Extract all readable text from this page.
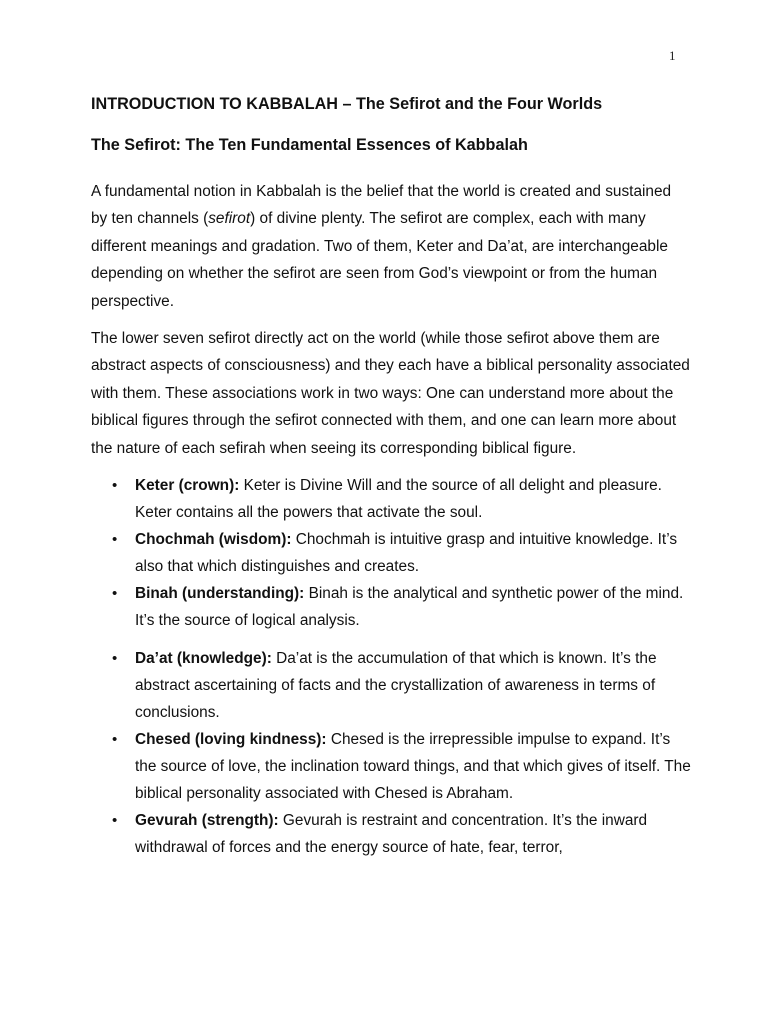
1

INTRODUCTION TO KABBALAH – The Sefirot and the Four Worlds

The Sefirot: The Ten Fundamental Essences of Kabbalah

A fundamental notion in Kabbalah is the belief that the world is created and sustained by ten channels (sefirot) of divine plenty. The sefirot are complex, each with many different meanings and gradation. Two of them, Keter and Da’at, are interchangeable depending on whether the sefirot are seen from God’s viewpoint or from the human perspective.

The lower seven sefirot directly act on the world (while those sefirot above them are abstract aspects of consciousness) and they each have a biblical personality associated with them. These associations work in two ways: One can understand more about the biblical figures through the sefirot connected with them, and one can learn more about the nature of each sefirah when seeing its corresponding biblical figure.

• Keter (crown): Keter is Divine Will and the source of all delight and pleasure. Keter contains all the powers that activate the soul.
• Chochmah (wisdom): Chochmah is intuitive grasp and intuitive knowledge. It’s also that which distinguishes and creates.
• Binah (understanding): Binah is the analytical and synthetic power of the mind. It’s the source of logical analysis.
• Da’at (knowledge): Da’at is the accumulation of that which is known. It’s the abstract ascertaining of facts and the crystallization of awareness in terms of conclusions.
• Chesed (loving kindness): Chesed is the irrepressible impulse to expand. It’s the source of love, the inclination toward things, and that which gives of itself. The biblical personality associated with Chesed is Abraham.
• Gevurah (strength): Gevurah is restraint and concentration. It’s the inward withdrawal of forces and the energy source of hate, fear, terror,
